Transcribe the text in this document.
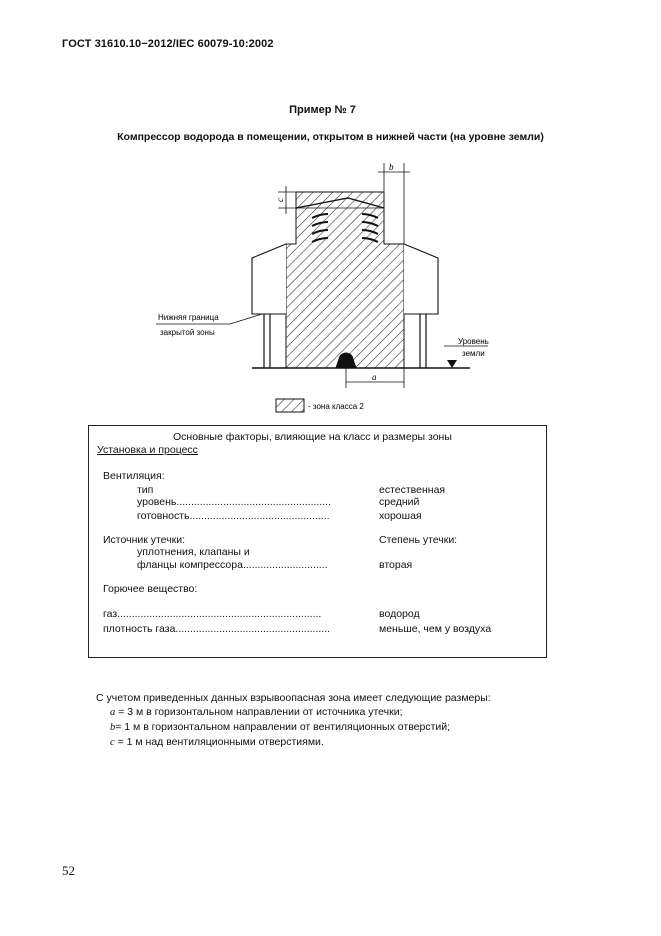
ГОСТ 31610.10−2012/IEC 60079-10:2002
Пример № 7
Компрессор водорода в помещении, открытом в нижней части (на уровне земли)
b
c
a
Нижняя граница
закрытой зоны
Уровень
земли
- зона класса 2
Основные факторы, влияющие на класс и размеры зоны
Установка и процесс
Вентиляция:
тип	естественная
уровень.....................................................	средний
готовность................................................	хорошая
Источник утечки:	Степень утечки:
уплотнения, клапаны и
фланцы компрессора.............................	вторая
Горючее вещество:
газ......................................................................	водород
плотность газа.....................................................	меньше, чем у воздуха
С учетом приведенных данных взрывоопасная зона имеет следующие размеры:
a = 3 м в горизонтальном направлении от источника утечки;
b= 1 м в горизонтальном направлении от вентиляционных отверстий;
c = 1 м над вентиляционными отверстиями.
52
